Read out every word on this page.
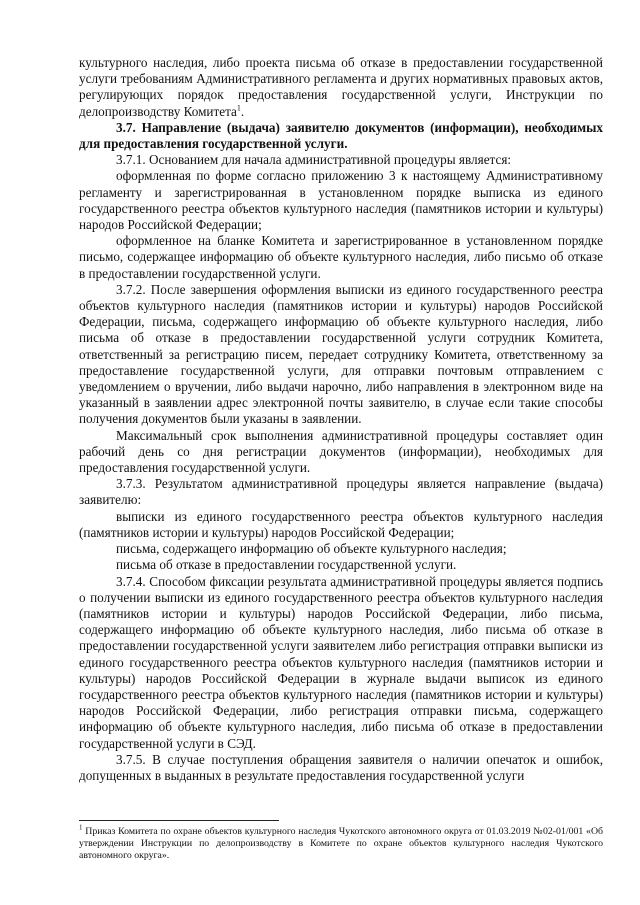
культурного наследия, либо проекта письма об отказе в предоставлении государственной услуги требованиям Административного регламента и других нормативных правовых актов, регулирующих порядок предоставления государственной услуги, Инструкции по делопроизводству Комитета$^1$.

3.7. Направление (выдача) заявителю документов (информации), необходимых для предоставления государственной услуги.

3.7.1. Основанием для начала административной процедуры является:

оформленная по форме согласно приложению 3 к настоящему Административному регламенту и зарегистрированная в установленном порядке выписка из единого государственного реестра объектов культурного наследия (памятников истории и культуры) народов Российской Федерации;

оформленное на бланке Комитета и зарегистрированное в установленном порядке письмо, содержащее информацию об объекте культурного наследия, либо письмо об отказе в предоставлении государственной услуги.

3.7.2. После завершения оформления выписки из единого государственного реестра объектов культурного наследия (памятников истории и культуры) народов Российской Федерации, письма, содержащего информацию об объекте культурного наследия, либо письма об отказе в предоставлении государственной услуги сотрудник Комитета, ответственный за регистрацию писем, передает сотруднику Комитета, ответственному за предоставление государственной услуги, для отправки почтовым отправлением с уведомлением о вручении, либо выдачи нарочно, либо направления в электронном виде на указанный в заявлении адрес электронной почты заявителю, в случае если такие способы получения документов были указаны в заявлении.

Максимальный срок выполнения административной процедуры составляет один рабочий день со дня регистрации документов (информации), необходимых для предоставления государственной услуги.

3.7.3. Результатом административной процедуры является направление (выдача) заявителю:

выписки из единого государственного реестра объектов культурного наследия (памятников истории и культуры) народов Российской Федерации;

письма, содержащего информацию об объекте культурного наследия;

письма об отказе в предоставлении государственной услуги.

3.7.4. Способом фиксации результата административной процедуры является подпись о получении выписки из единого государственного реестра объектов культурного наследия (памятников истории и культуры) народов Российской Федерации, либо письма, содержащего информацию об объекте культурного наследия, либо письма об отказе в предоставлении государственной услуги заявителем либо регистрация отправки выписки из единого государственного реестра объектов культурного наследия (памятников истории и культуры) народов Российской Федерации в журнале выдачи выписок из единого государственного реестра объектов культурного наследия (памятников истории и культуры) народов Российской Федерации, либо регистрация отправки письма, содержащего информацию об объекте культурного наследия, либо письма об отказе в предоставлении государственной услуги в СЭД.

3.7.5. В случае поступления обращения заявителя о наличии опечаток и ошибок, допущенных в выданных в результате предоставления государственной услуги

$^1$ Приказ Комитета по охране объектов культурного наследия Чукотского автономного округа от 01.03.2019 №02-01/001 «Об утверждении Инструкции по делопроизводству в Комитете по охране объектов культурного наследия Чукотского автономного округа».
